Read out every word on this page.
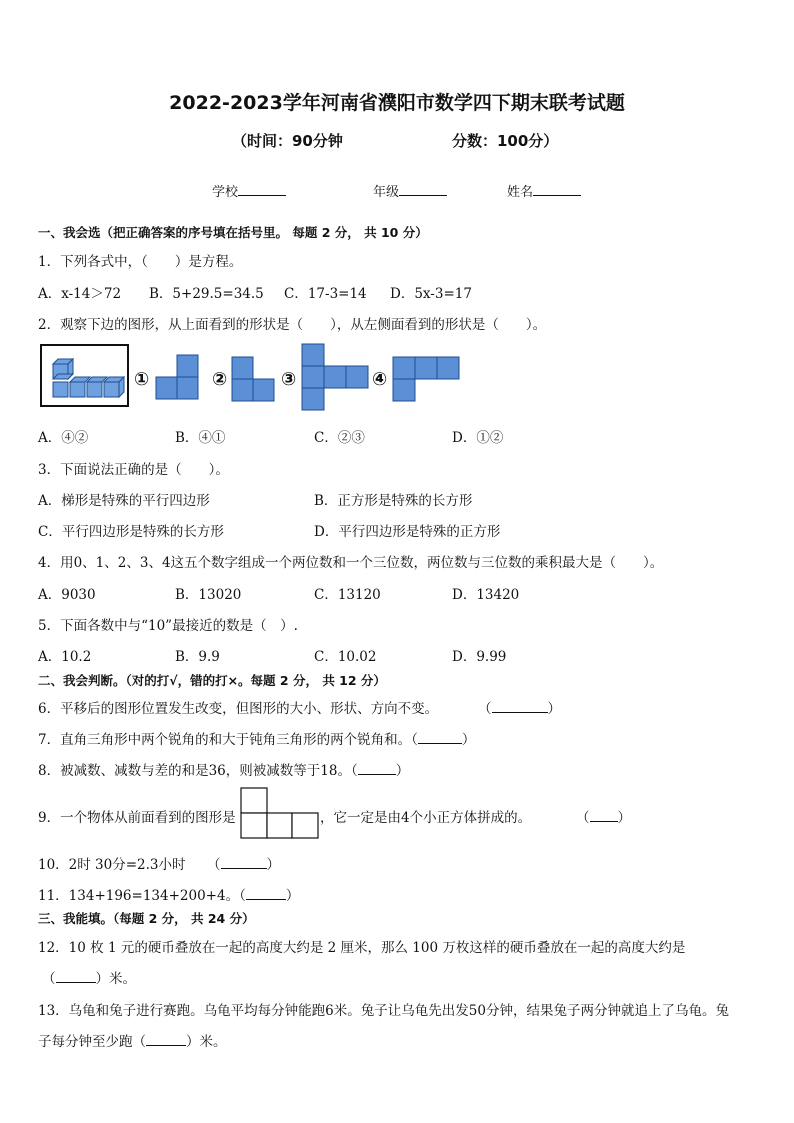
2022-2023学年河南省濮阳市数学四下期末联考试题
（时间：90分钟	分数：100分）
学校	年级	姓名
一、我会选（把正确答案的序号填在括号里。 每题 2 分， 共 10 分）
1．下列各式中，（　　）是方程。
A．x-14＞72 B．5+29.5=34.5 C．17-3=14 D．5x-3=17
2．观察下边的图形，从上面看到的形状是（　　），从左侧面看到的形状是（　　）。
①	②	③	④
A．④②	B．④①	C．②③	D．①②
3．下面说法正确的是（　　）。
A．梯形是特殊的平行四边形	B．正方形是特殊的长方形
C．平行四边形是特殊的长方形	D．平行四边形是特殊的正方形
4．用0、1、2、3、4这五个数字组成一个两位数和一个三位数，两位数与三位数的乘积最大是（　　）。
A．9030	B．13020	C．13120	D．13420
5．下面各数中与“10”最接近的数是（　）.
A．10.2	B．9.9	C．10.02	D．9.99
二、我会判断。（对的打√，错的打×。每题 2 分， 共 12 分）
6．平移后的图形位置发生改变，但图形的大小、形状、方向不变。	（	）
7．直角三角形中两个锐角的和大于钝角三角形的两个锐角和。（	）
8．被减数、减数与差的和是36，则被减数等于18。（	）
9．一个物体从前面看到的图形是	，它一定是由4个小正方体拼成的。	（ ）
10．2时 30分=2.3小时 （	）
11．134+196=134+200+4。（	）
三、我能填。（每题 2 分， 共 24 分）
12．10 枚 1 元的硬币叠放在一起的高度大约是 2 厘米，那么 100 万枚这样的硬币叠放在一起的高度大约是
（	）米。
13．乌龟和兔子进行赛跑。乌龟平均每分钟能跑6米。兔子让乌龟先出发50分钟，结果兔子两分钟就追上了乌龟。兔
子每分钟至少跑（	）米。
